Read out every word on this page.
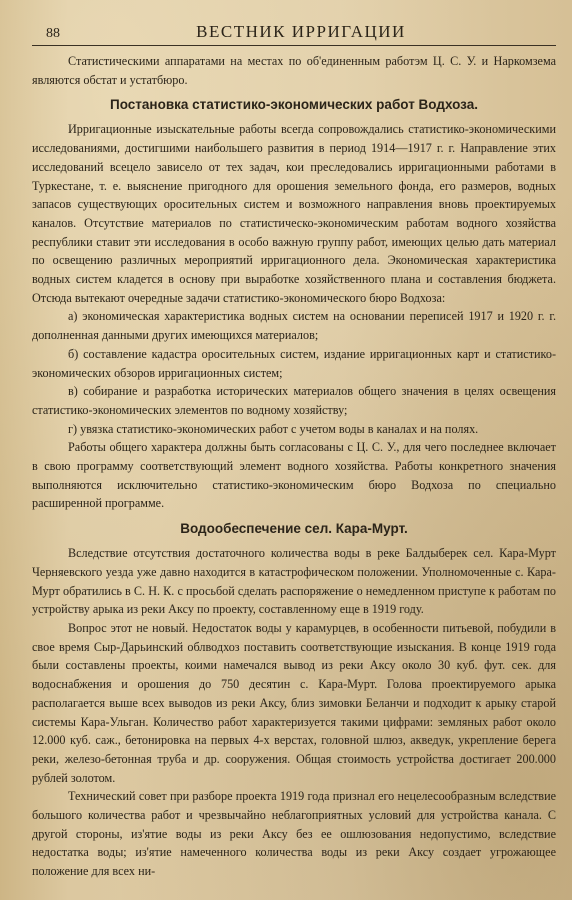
88	ВЕСТНИК ИРРИГАЦИИ

Статистическими аппаратами на местах по об'единенным работэм Ц. С. У. и Наркомзема являются обстат и устатбюро.

Постановка статистико-экономических работ Водхоза.

Ирригационные изыскательные работы всегда сопровождались статистико-экономическими исследованиями, достигшими наибольшего развития в период 1914—1917 г. г. Направление этих исследований всецело зависело от тех задач, кои преследовались ирригационными работами в Туркестане, т. е. выяснение пригодного для орошения земельного фонда, его размеров, водных запасов существующих оросительных систем и возможного направления вновь проектируемых каналов. Отсутствие материалов по статистическо-экономическим работам водного хозяйства республики ставит эти исследования в особо важную группу работ, имеющих целью дать материал по освещению различных мероприятий ирригационного дела. Экономическая характеристика водных систем кладется в основу при выработке хозяйственного плана и составления бюджета. Отсюда вытекают очередные задачи статистико-экономического бюро Водхоза:

а) экономическая характеристика водных систем на основании переписей 1917 и 1920 г. г. дополненная данными других имеющихся материалов;

б) составление кадастра оросительных систем, издание ирригационных карт и статистико-экономических обзоров ирригационных систем;

в) собирание и разработка исторических материалов общего значения в целях освещения статистико-экономических элементов по водному хозяйству;

г) увязка статистико-экономических работ с учетом воды в каналах и на полях.

Работы общего характера должны быть согласованы с Ц. С. У., для чего последнее включает в свою программу соответствующий элемент водного хозяйства. Работы конкретного значения выполняются исключительно статистико-экономическим бюро Водхоза по специально расширенной программе.

Водообеспечение сел. Кара-Мурт.

Вследствие отсутствия достаточного количества воды в реке Балдыберек сел. Кара-Мурт Черняевского уезда уже давно находится в катастрофическом положении. Уполномоченные с. Кара-Мурт обратились в С. Н. К. с просьбой сделать распоряжение о немедленном приступе к работам по устройству арыка из реки Аксу по проекту, составленному еще в 1919 году.

Вопрос этот не новый. Недостаток воды у карамурцев, в особенности питьевой, побудили в свое время Сыр-Дарьинский облводхоз поставить соответствующие изыскания. В конце 1919 года были составлены проекты, коими намечался вывод из реки Аксу около 30 куб. фут. сек. для водоснабжения и орошения до 750 десятин с. Кара-Мурт. Голова проектируемого арыка располагается выше всех выводов из реки Аксу, близ зимовки Беланчи и подходит к арыку старой системы Кара-Ульган. Количество работ характеризуется такими цифрами: земляных работ около 12.000 куб. саж., бетонировка на первых 4-х верстах, головной шлюз, акведук, укрепление берега реки, железо-бетонная труба и др. сооружения. Общая стоимость устройства достигает 200.000 рублей золотом.

Технический совет при разборе проекта 1919 года признал его нецелесообразным вследствие большого количества работ и чрезвычайно неблагоприятных условий для устройства канала. С другой стороны, из'ятие воды из реки Аксу без ее ошлюзования недопустимо, вследствие недостатка воды; из'ятие намеченного количества воды из реки Аксу создает угрожающее положение для всех ни-
